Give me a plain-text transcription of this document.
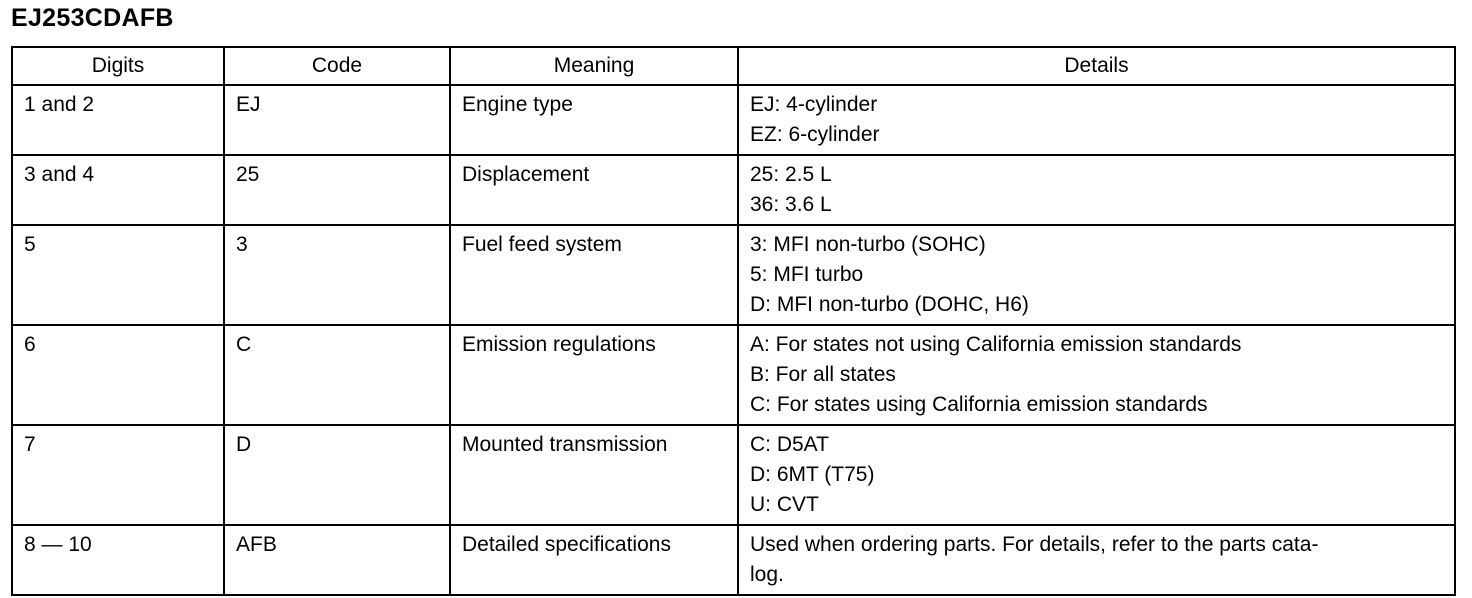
EJ253CDAFB
Digits	Code	Meaning	Details
1 and 2	EJ	Engine type	EJ: 4-cylinder
EZ: 6-cylinder

3 and 4	25	Displacement	25: 2.5 L
36: 3.6 L

5	3	Fuel feed system	3: MFI non-turbo (SOHC)
5: MFI turbo
D: MFI non-turbo (DOHC, H6)

6	C	Emission regulations	A: For states not using California emission standards
B: For all states
C: For states using California emission standards

7	D	Mounted transmission	C: D5AT
D: 6MT (T75)
U: CVT

8 — 10	AFB	Detailed specifications	Used when ordering parts. For details, refer to the parts cata-
log.
